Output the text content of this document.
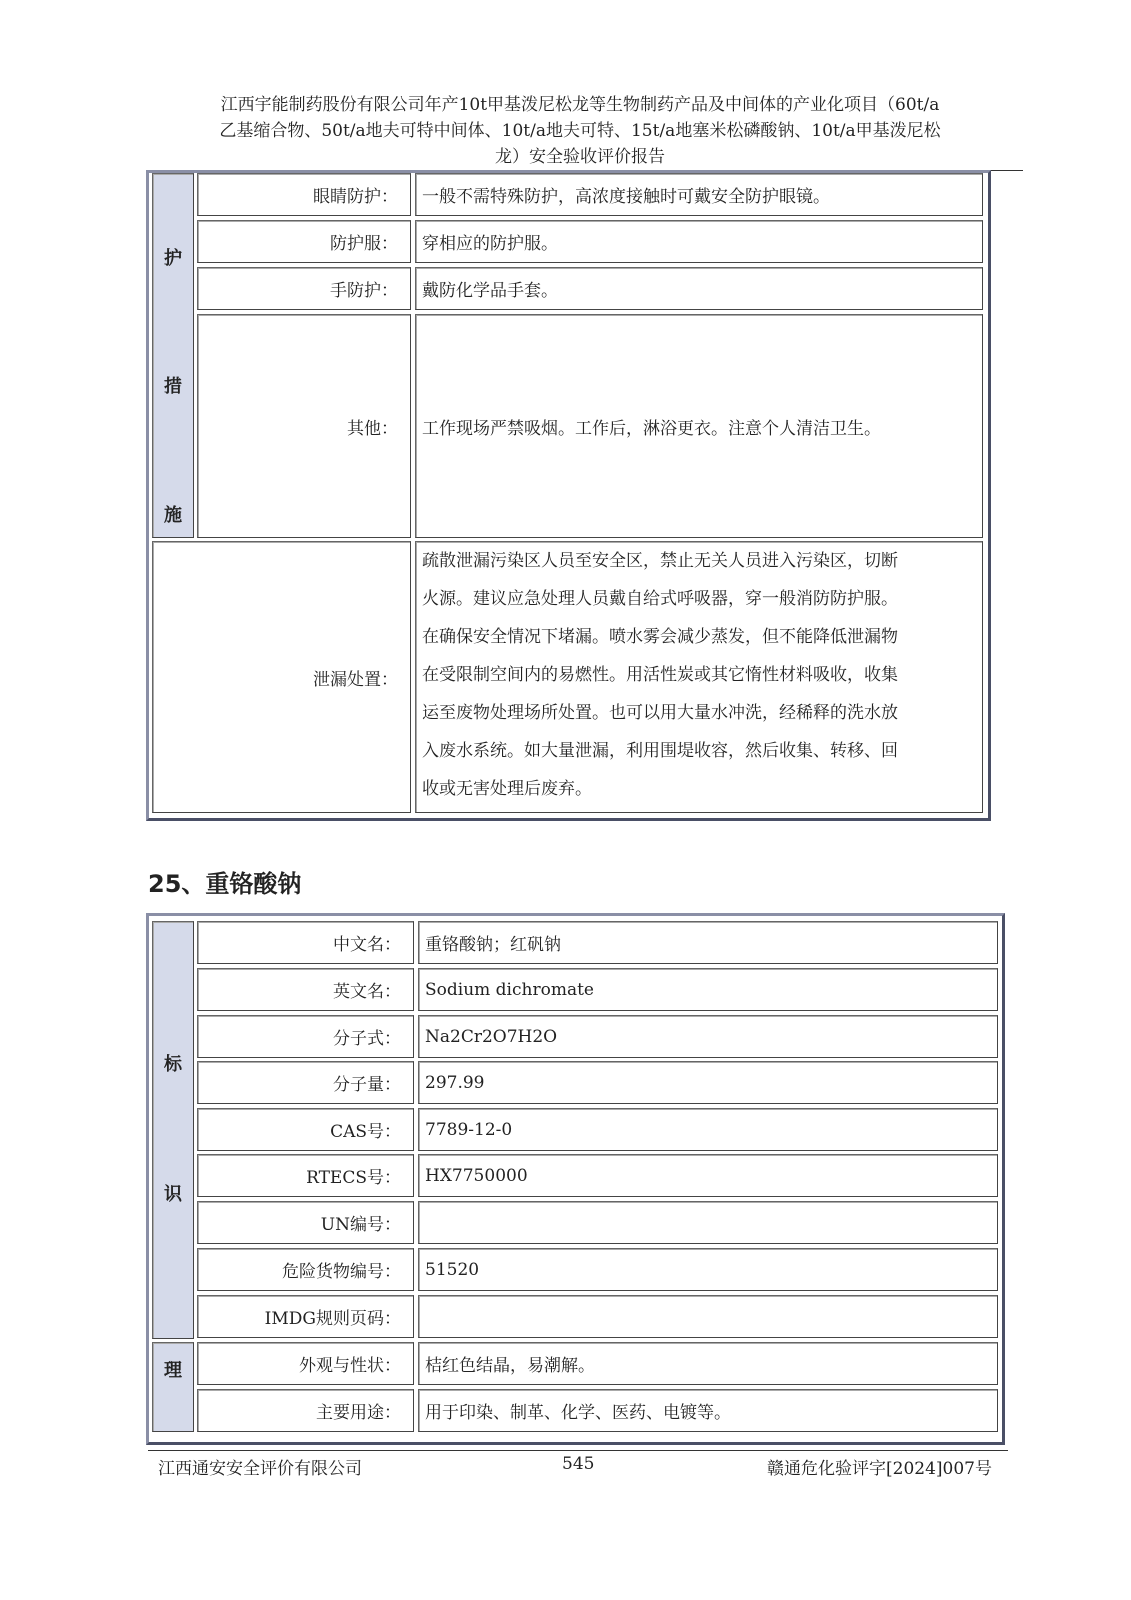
江西宇能制药股份有限公司年产10t甲基泼尼松龙等生物制药产品及中间体的产业化项目（60t/a
乙基缩合物、50t/a地夫可特中间体、10t/a地夫可特、15t/a地塞米松磷酸钠、10t/a甲基泼尼松
龙）安全验收评价报告
护
措
施
眼睛防护：	一般不需特殊防护，高浓度接触时可戴安全防护眼镜。
防护服：	穿相应的防护服。
手防护：	戴防化学品手套。
其他：	工作现场严禁吸烟。工作后，淋浴更衣。注意个人清洁卫生。
泄漏处置：
疏散泄漏污染区人员至安全区，禁止无关人员进入污染区，切断
火源。建议应急处理人员戴自给式呼吸器，穿一般消防防护服。
在确保安全情况下堵漏。喷水雾会减少蒸发，但不能降低泄漏物
在受限制空间内的易燃性。用活性炭或其它惰性材料吸收，收集
运至废物处理场所处置。也可以用大量水冲洗，经稀释的洗水放
入废水系统。如大量泄漏，利用围堤收容，然后收集、转移、回
收或无害处理后废弃。
25、重铬酸钠
标
识
理
中文名：	重铬酸钠；红矾钠
英文名：	Sodium dichromate
分子式：	Na2Cr2O7H2O
分子量：	297.99
CAS号：	7789-12-0
RTECS号：	HX7750000
UN编号：
危险货物编号：	51520
IMDG规则页码：
外观与性状：	桔红色结晶，易潮解。
主要用途：	用于印染、制革、化学、医药、电镀等。
江西通安安全评价有限公司	545	赣通危化验评字[2024]007号
